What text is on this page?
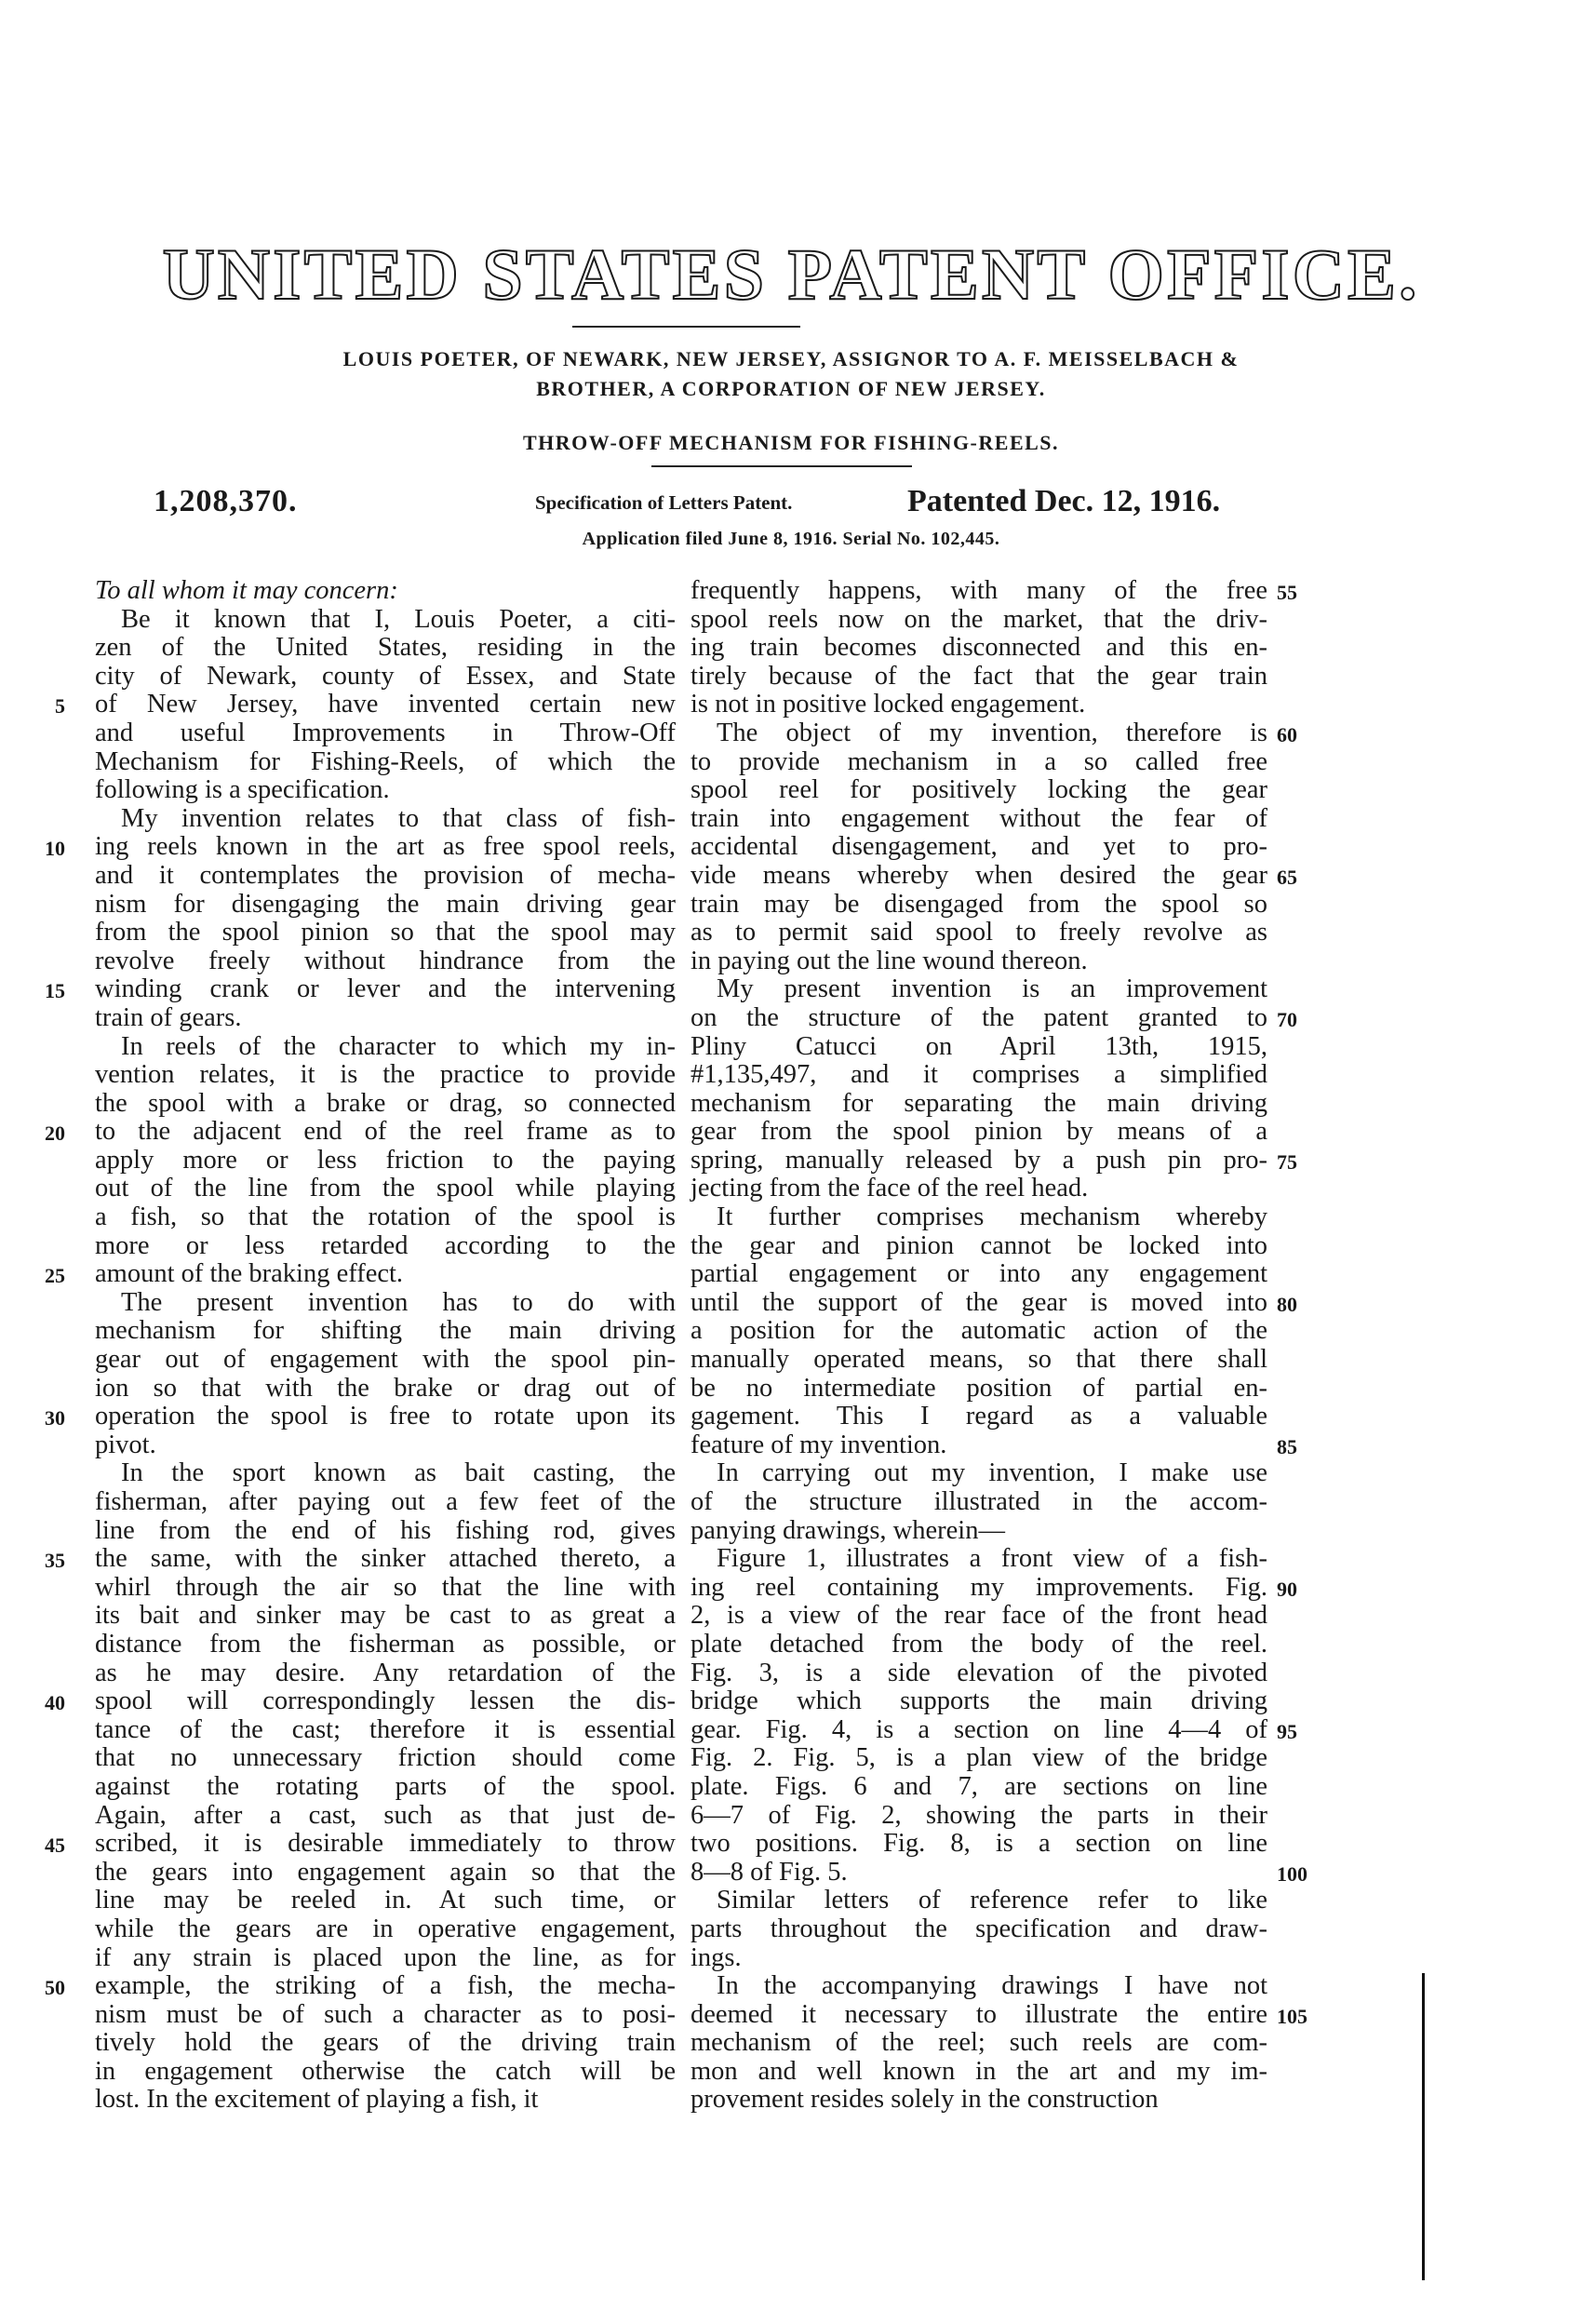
UNITED STATES PATENT OFFICE.
LOUIS POETER, OF NEWARK, NEW JERSEY, ASSIGNOR TO A. F. MEISSELBACH &
BROTHER, A CORPORATION OF NEW JERSEY.
THROW-OFF MECHANISM FOR FISHING-REELS.
1,208,370.	Specification of Letters Patent.	Patented Dec. 12, 1916.
Application filed June 8, 1916. Serial No. 102,445.
To all whom it may concern:
Be it known that I, Louis Poeter, a citi-
zen of the United States, residing in the
city of Newark, county of Essex, and State
of New Jersey, have invented certain new
and useful Improvements in Throw-Off
Mechanism for Fishing-Reels, of which the
following is a specification.
My invention relates to that class of fish-
ing reels known in the art as free spool reels,
and it contemplates the provision of mecha-
nism for disengaging the main driving gear
from the spool pinion so that the spool may
revolve freely without hindrance from the
winding crank or lever and the intervening
train of gears.
In reels of the character to which my in-
vention relates, it is the practice to provide
the spool with a brake or drag, so connected
to the adjacent end of the reel frame as to
apply more or less friction to the paying
out of the line from the spool while playing
a fish, so that the rotation of the spool is
more or less retarded according to the
amount of the braking effect.
The present invention has to do with
mechanism for shifting the main driving
gear out of engagement with the spool pin-
ion so that with the brake or drag out of
operation the spool is free to rotate upon its
pivot.
In the sport known as bait casting, the
fisherman, after paying out a few feet of the
line from the end of his fishing rod, gives
the same, with the sinker attached thereto, a
whirl through the air so that the line with
its bait and sinker may be cast to as great a
distance from the fisherman as possible, or
as he may desire. Any retardation of the
spool will correspondingly lessen the dis-
tance of the cast; therefore it is essential
that no unnecessary friction should come
against the rotating parts of the spool.
Again, after a cast, such as that just de-
scribed, it is desirable immediately to throw
the gears into engagement again so that the
line may be reeled in. At such time, or
while the gears are in operative engagement,
if any strain is placed upon the line, as for
example, the striking of a fish, the mecha-
nism must be of such a character as to posi-
tively hold the gears of the driving train
in engagement otherwise the catch will be
lost. In the excitement of playing a fish, it
frequently happens, with many of the free
spool reels now on the market, that the driv-
ing train becomes disconnected and this en-
tirely because of the fact that the gear train
is not in positive locked engagement.
The object of my invention, therefore is
to provide mechanism in a so called free
spool reel for positively locking the gear
train into engagement without the fear of
accidental disengagement, and yet to pro-
vide means whereby when desired the gear
train may be disengaged from the spool so
as to permit said spool to freely revolve as
in paying out the line wound thereon.
My present invention is an improvement
on the structure of the patent granted to
Pliny Catucci on April 13th, 1915,
#1,135,497, and it comprises a simplified
mechanism for separating the main driving
gear from the spool pinion by means of a
spring, manually released by a push pin pro-
jecting from the face of the reel head.
It further comprises mechanism whereby
the gear and pinion cannot be locked into
partial engagement or into any engagement
until the support of the gear is moved into
a position for the automatic action of the
manually operated means, so that there shall
be no intermediate position of partial en-
gagement. This I regard as a valuable
feature of my invention.
In carrying out my invention, I make use
of the structure illustrated in the accom-
panying drawings, wherein—
Figure 1, illustrates a front view of a fish-
ing reel containing my improvements. Fig.
2, is a view of the rear face of the front head
plate detached from the body of the reel.
Fig. 3, is a side elevation of the pivoted
bridge which supports the main driving
gear. Fig. 4, is a section on line 4—4 of
Fig. 2. Fig. 5, is a plan view of the bridge
plate. Figs. 6 and 7, are sections on line
6—7 of Fig. 2, showing the parts in their
two positions. Fig. 8, is a section on line
8—8 of Fig. 5.
Similar letters of reference refer to like
parts throughout the specification and draw-
ings.
In the accompanying drawings I have not
deemed it necessary to illustrate the entire
mechanism of the reel; such reels are com-
mon and well known in the art and my im-
provement resides solely in the construction
5
10
15
20
25
30
35
40
45
50
55
60
65
70
75
80
85
90
95
100
105
